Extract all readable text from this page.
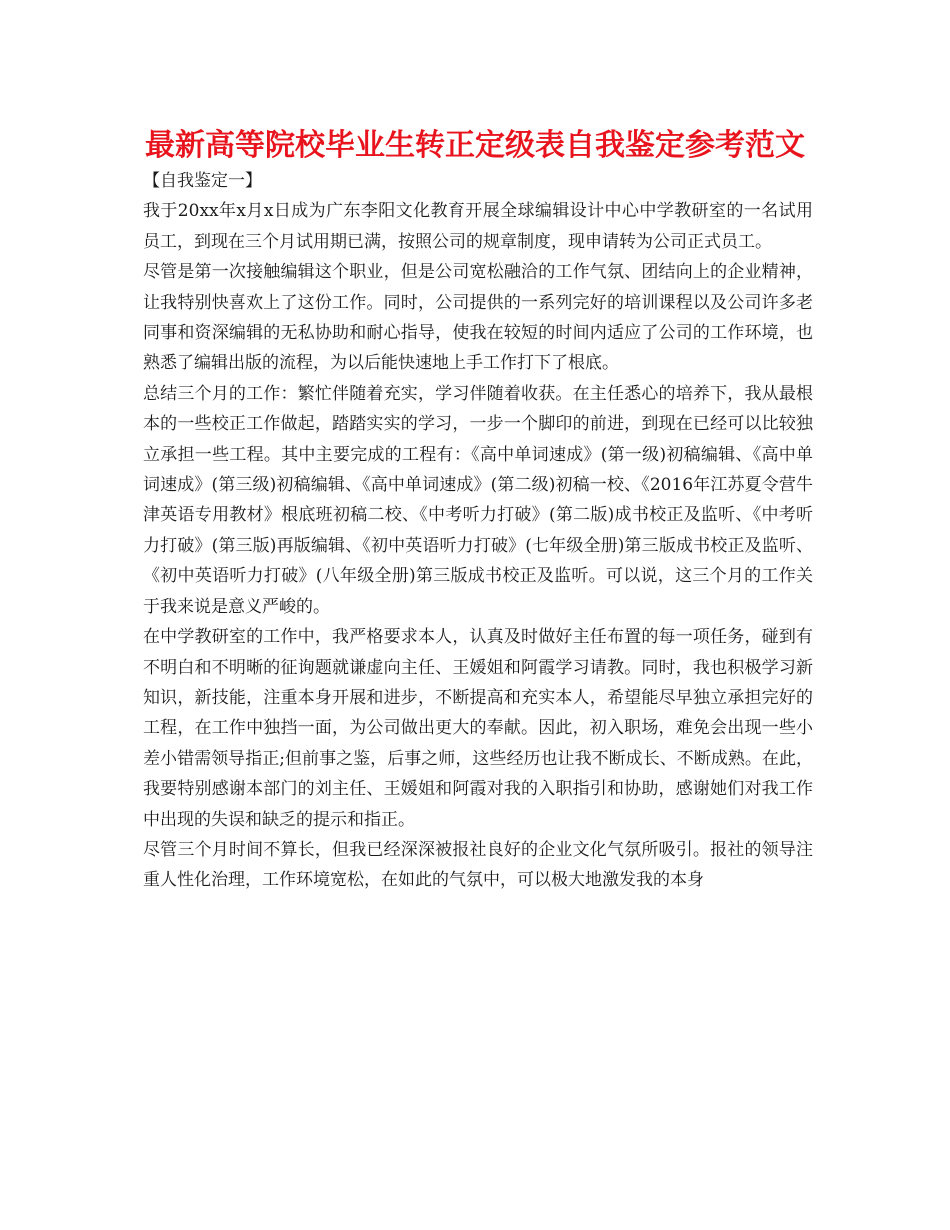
最新高等院校毕业生转正定级表自我鉴定参考范文
【自我鉴定一】

我于20xx年x月x日成为广东李阳文化教育开展全球编辑设计中心中学教研室的一名试用员工，到现在三个月试用期已满，按照公司的规章制度，现申请转为公司正式员工。

尽管是第一次接触编辑这个职业，但是公司宽松融洽的工作气氛、团结向上的企业精神，让我特别快喜欢上了这份工作。同时，公司提供的一系列完好的培训课程以及公司许多老同事和资深编辑的无私协助和耐心指导，使我在较短的时间内适应了公司的工作环境，也熟悉了编辑出版的流程，为以后能快速地上手工作打下了根底。

总结三个月的工作：繁忙伴随着充实，学习伴随着收获。在主任悉心的培养下，我从最根本的一些校正工作做起，踏踏实实的学习，一步一个脚印的前进，到现在已经可以比较独立承担一些工程。其中主要完成的工程有：《高中单词速成》(第一级)初稿编辑、《高中单词速成》(第三级)初稿编辑、《高中单词速成》(第二级)初稿一校、《2016年江苏夏令营牛津英语专用教材》根底班初稿二校、《中考听力打破》(第二版)成书校正及监听、《中考听力打破》(第三版)再版编辑、《初中英语听力打破》(七年级全册)第三版成书校正及监听、《初中英语听力打破》(八年级全册)第三版成书校正及监听。可以说，这三个月的工作关于我来说是意义严峻的。

在中学教研室的工作中，我严格要求本人，认真及时做好主任布置的每一项任务，碰到有不明白和不明晰的征询题就谦虚向主任、王媛姐和阿霞学习请教。同时，我也积极学习新知识，新技能，注重本身开展和进步，不断提高和充实本人，希望能尽早独立承担完好的工程，在工作中独挡一面，为公司做出更大的奉献。因此，初入职场，难免会出现一些小差小错需领导指正;但前事之鉴，后事之师，这些经历也让我不断成长、不断成熟。在此，我要特别感谢本部门的刘主任、王媛姐和阿霞对我的入职指引和协助，感谢她们对我工作中出现的失误和缺乏的提示和指正。

尽管三个月时间不算长，但我已经深深被报社良好的企业文化气氛所吸引。报社的领导注重人性化治理，工作环境宽松，在如此的气氛中，可以极大地激发我的本身
